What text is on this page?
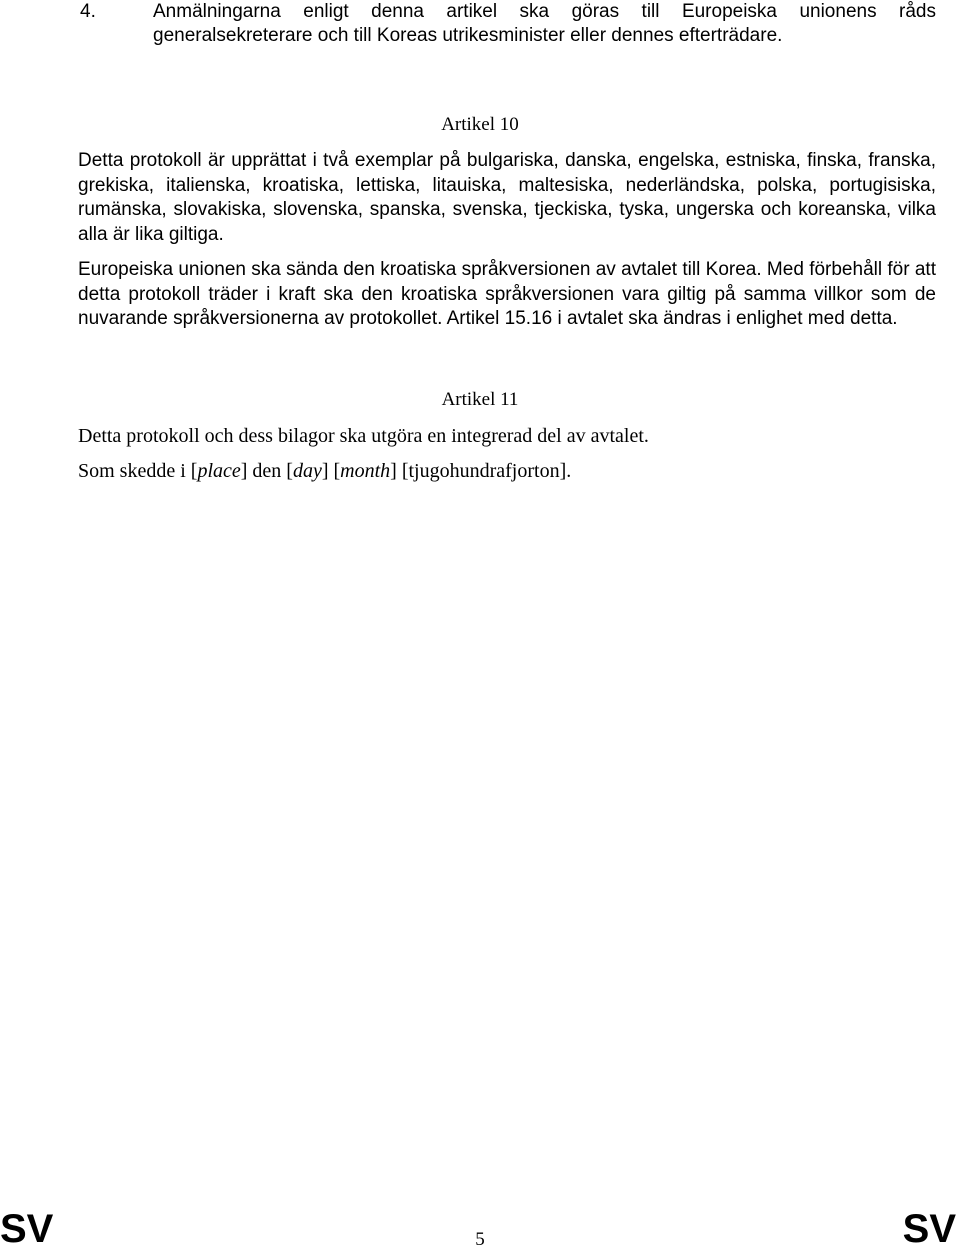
4.	Anmälningarna enligt denna artikel ska göras till Europeiska unionens råds generalsekreterare och till Koreas utrikesminister eller dennes efterträdare.
Artikel 10
Detta protokoll är upprättat i två exemplar på bulgariska, danska, engelska, estniska, finska, franska, grekiska, italienska, kroatiska, lettiska, litauiska, maltesiska, nederländska, polska, portugisiska, rumänska, slovakiska, slovenska, spanska, svenska, tjeckiska, tyska, ungerska och koreanska, vilka alla är lika giltiga.
Europeiska unionen ska sända den kroatiska språkversionen av avtalet till Korea. Med förbehåll för att detta protokoll träder i kraft ska den kroatiska språkversionen vara giltig på samma villkor som de nuvarande språkversionerna av protokollet. Artikel 15.16 i avtalet ska ändras i enlighet med detta.
Artikel 11
Detta protokoll och dess bilagor ska utgöra en integrerad del av avtalet.
Som skedde i [place] den [day] [month] [tjugohundrafjorton].
SV	5	SV
